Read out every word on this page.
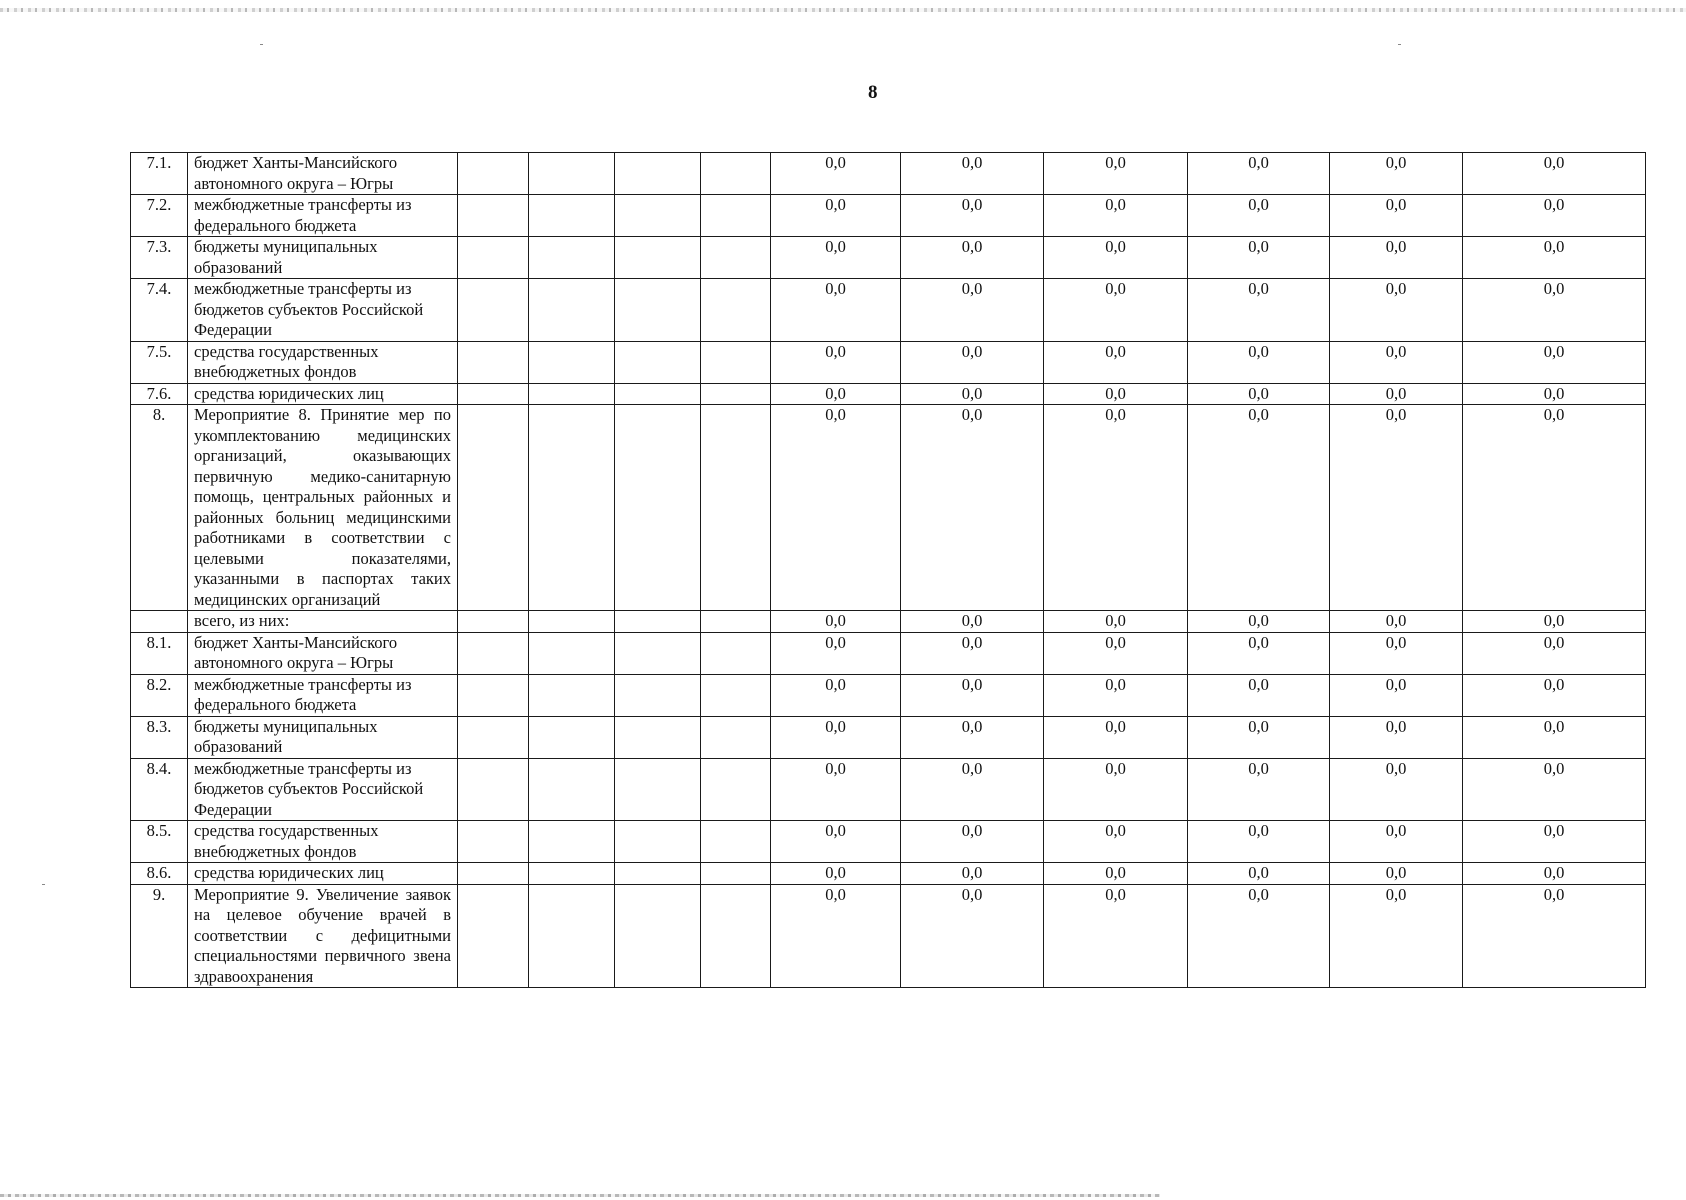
8
7.1.	бюджет Ханты-Мансийского автономного округа – Югры					0,0	0,0	0,0	0,0	0,0	0,0
7.2.	межбюджетные трансферты из федерального бюджета					0,0	0,0	0,0	0,0	0,0	0,0
7.3.	бюджеты муниципальных образований					0,0	0,0	0,0	0,0	0,0	0,0
7.4.	межбюджетные трансферты из бюджетов субъектов Российской Федерации					0,0	0,0	0,0	0,0	0,0	0,0
7.5.	средства государственных внебюджетных фондов					0,0	0,0	0,0	0,0	0,0	0,0
7.6.	средства юридических лиц					0,0	0,0	0,0	0,0	0,0	0,0
8.	Мероприятие 8. Принятие мер по укомплектованию медицинских организаций, оказывающих первичную медико-санитарную помощь, центральных районных и районных больниц медицинскими работниками в соответствии с целевыми показателями, указанными в паспортах таких медицинских организаций					0,0	0,0	0,0	0,0	0,0	0,0
	всего, из них:					0,0	0,0	0,0	0,0	0,0	0,0
8.1.	бюджет Ханты-Мансийского автономного округа – Югры					0,0	0,0	0,0	0,0	0,0	0,0
8.2.	межбюджетные трансферты из федерального бюджета					0,0	0,0	0,0	0,0	0,0	0,0
8.3.	бюджеты муниципальных образований					0,0	0,0	0,0	0,0	0,0	0,0
8.4.	межбюджетные трансферты из бюджетов субъектов Российской Федерации					0,0	0,0	0,0	0,0	0,0	0,0
8.5.	средства государственных внебюджетных фондов					0,0	0,0	0,0	0,0	0,0	0,0
8.6.	средства юридических лиц					0,0	0,0	0,0	0,0	0,0	0,0
9.	Мероприятие 9. Увеличение заявок на целевое обучение врачей в соответствии с дефицитными специальностями первичного звена здравоохранения					0,0	0,0	0,0	0,0	0,0	0,0
